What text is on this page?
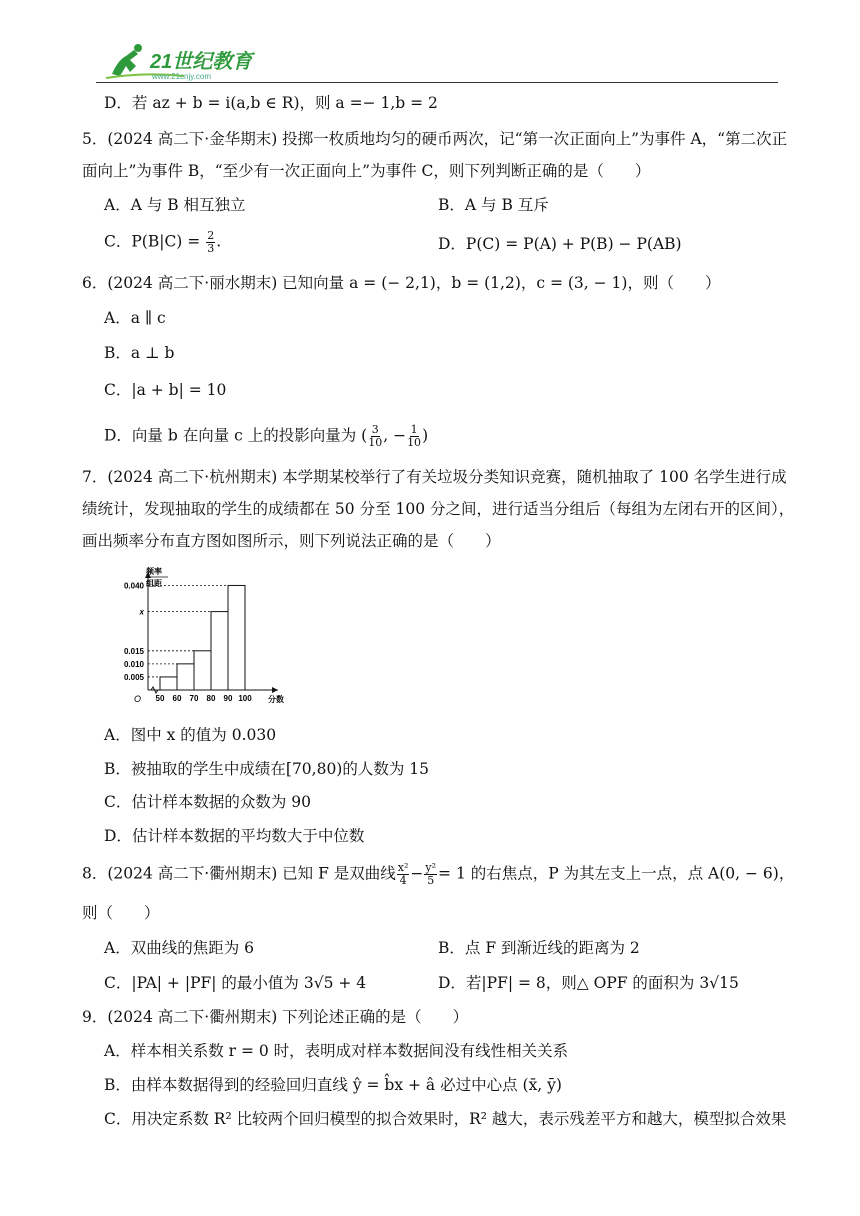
21世纪教育
www.21cnjy.com
D．若 az + b = i(a,b ∈ R)，则 a =− 1,b = 2
5．(2024 高二下·金华期末) 投掷一枚质地均匀的硬币两次，记“第一次正面向上”为事件 A，“第二次正
面向上”为事件 B，“至少有一次正面向上”为事件 C，则下列判断正确的是（　　）
A．A 与 B 相互独立	B．A 与 B 互斥
C．$P(B|C) = \frac{2}{3}$ .	D．P(C) = P(A) + P(B) − P(AB)
6．(2024 高二下·丽水期末) 已知向量 a = (− 2,1)，b = (1,2)，c = (3, − 1)，则（　　）
A．a ∥ c
B．a ⊥ b
C．|a + b| = 10
D．向量 b 在向量 c 上的投影向量为 ( $\frac{3}{10}$ , − $\frac{1}{10}$ )
7．(2024 高二下·杭州期末) 本学期某校举行了有关垃圾分类知识竞赛，随机抽取了 100 名学生进行成
绩统计，发现抽取的学生的成绩都在 50 分至 100 分之间，进行适当分组后（每组为左闭右开的区间），
画出频率分布直方图如图所示，则下列说法正确的是（　　）
频率
组距
O
0.040
x
0.015
0.010
0.005
50 60 70 80 90 100 分数
A．图中 x 的值为 0.030
B．被抽取的学生中成绩在[70,80)的人数为 15
C．估计样本数据的众数为 90
D．估计样本数据的平均数大于中位数
8．(2024 高二下·衢州期末) 已知 F 是双曲线 $\frac{\text{x²}}{4} - \frac{\text{y²}}{5} = 1$ 的右焦点，P 为其左支上一点，点 A(0, − 6)，
则（　　）
A．双曲线的焦距为 6	B．点 F 到渐近线的距离为 2
C．|PA| + |PF| 的最小值为 3√5 + 4	D．若|PF| = 8，则△ OPF 的面积为 3√15
9．(2024 高二下·衢州期末) 下列论述正确的是（　　）
A．样本相关系数 r = 0 时，表明成对样本数据间没有线性相关关系
B．由样本数据得到的经验回归直线 ŷ = b̂x + â 必过中心点 (x̄, ȳ)
C．用决定系数 R² 比较两个回归模型的拟合效果时，R² 越大，表示残差平方和越大，模型拟合效果
